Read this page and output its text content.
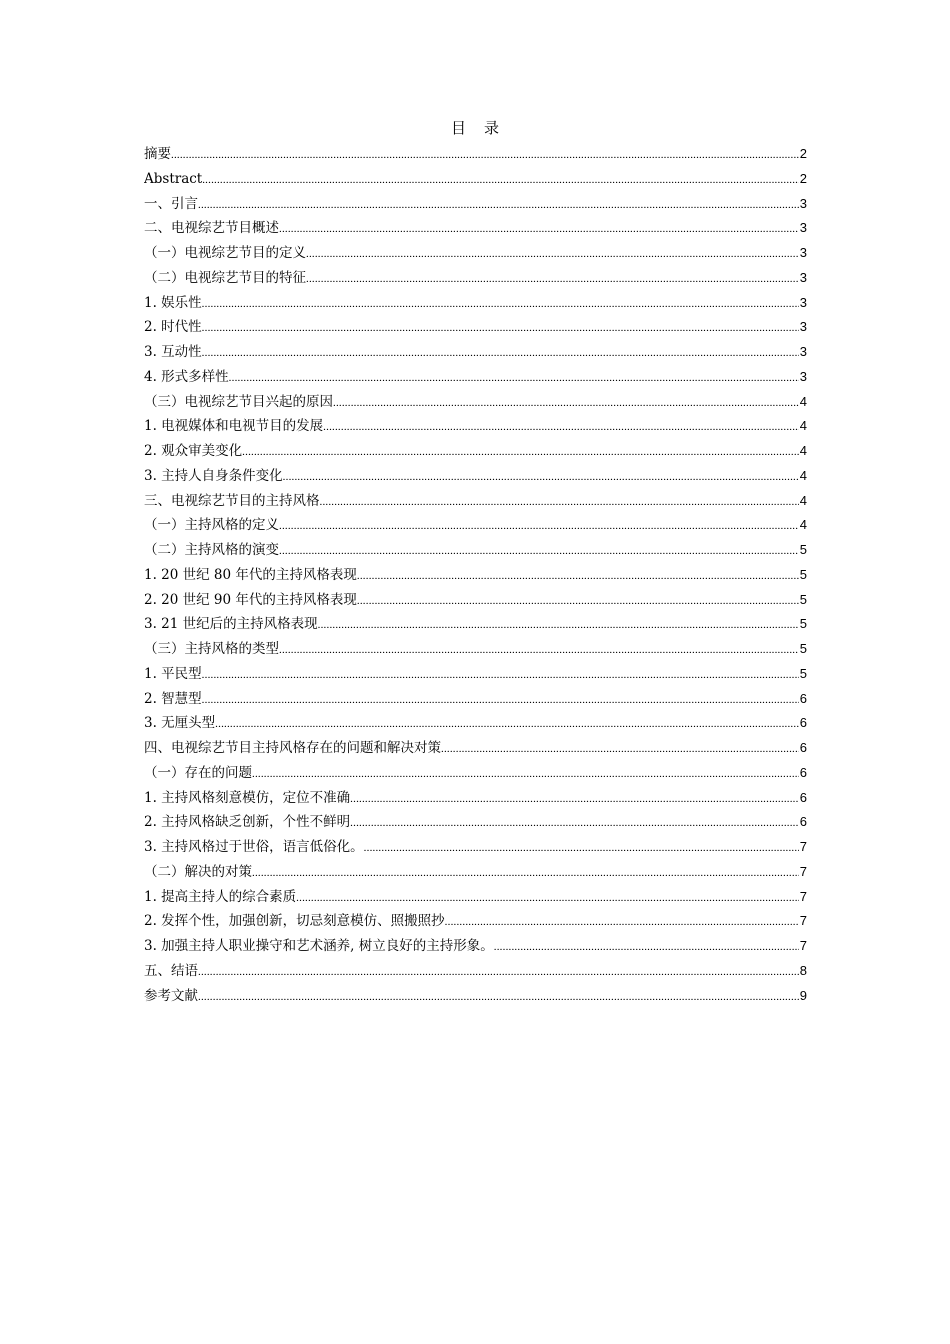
目 录
摘要 .....	2
Abstract .....	2
一、引言 .....	3
二、电视综艺节目概述 .....	3
（一）电视综艺节目的定义 .....	3
（二）电视综艺节目的特征 .....	3
1. 娱乐性 .....	3
2. 时代性 .....	3
3. 互动性 .....	3
4. 形式多样性 .....	3
（三）电视综艺节目兴起的原因 .....	4
1. 电视媒体和电视节目的发展 .....	4
2. 观众审美变化 .....	4
3. 主持人自身条件变化 .....	4
三、电视综艺节目的主持风格 .....	4
（一）主持风格的定义 .....	4
（二）主持风格的演变 .....	5
1. 20 世纪 80 年代的主持风格表现 .....	5
2. 20 世纪 90 年代的主持风格表现 .....	5
3. 21 世纪后的主持风格表现 .....	5
（三）主持风格的类型 .....	5
1. 平民型 .....	5
2. 智慧型 .....	6
3. 无厘头型 .....	6
四、电视综艺节目主持风格存在的问题和解决对策 .....	6
（一）存在的问题 .....	6
1. 主持风格刻意模仿，定位不准确 .....	6
2. 主持风格缺乏创新，个性不鲜明 .....	6
3. 主持风格过于世俗，语言低俗化。 .....	7
（二）解决的对策 .....	7
1. 提高主持人的综合素质 .....	7
2. 发挥个性，加强创新，切忌刻意模仿、照搬照抄 .....	7
3. 加强主持人职业操守和艺术涵养, 树立良好的主持形象。 .....	7
五、结语 .....	8
参考文献 .....	9
